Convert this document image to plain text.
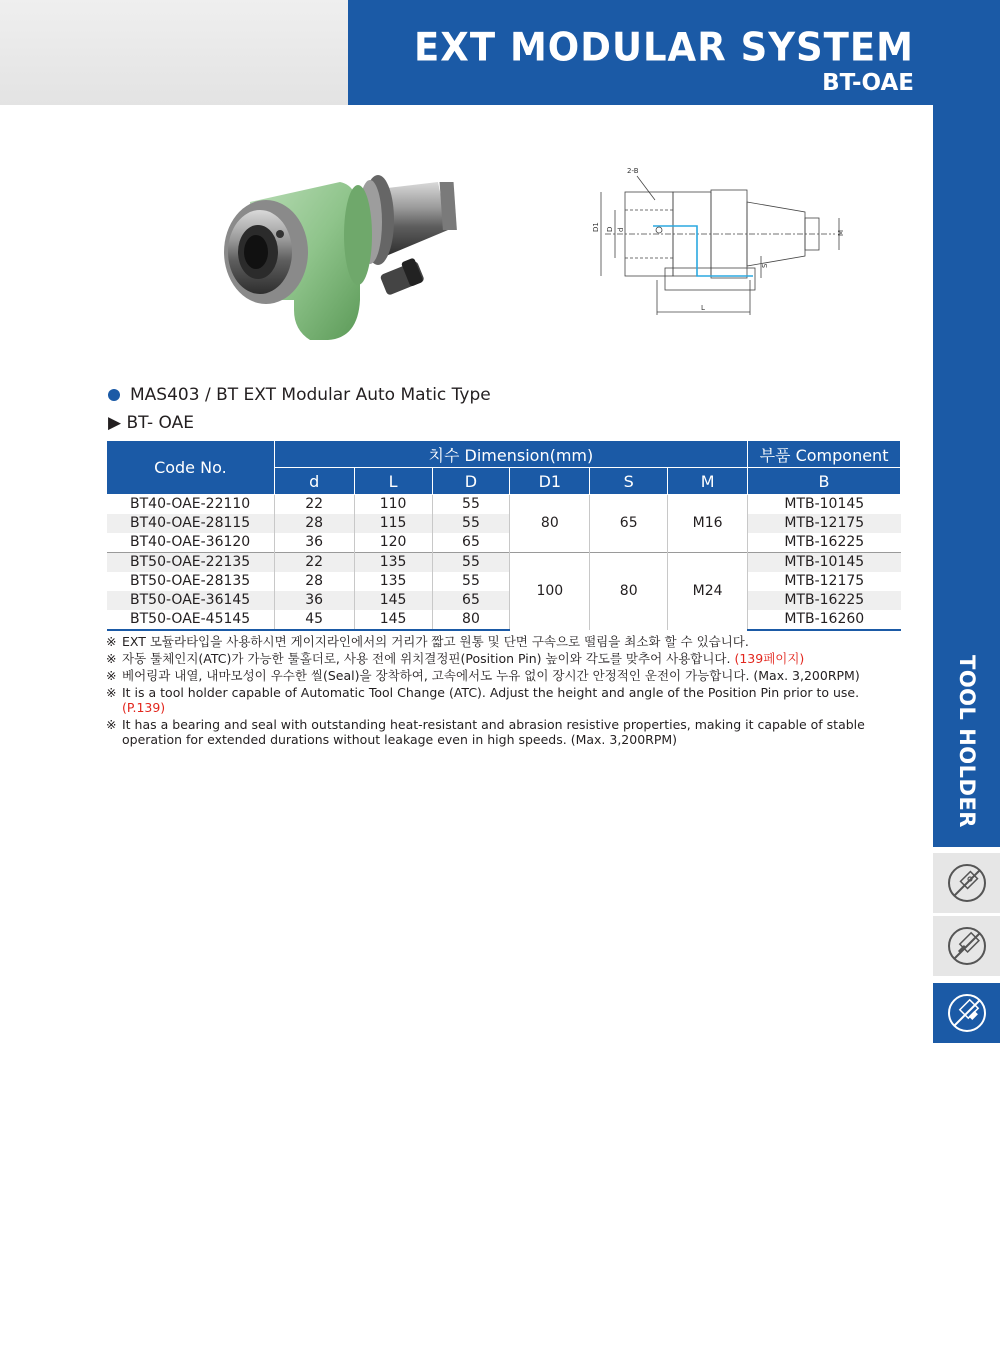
EXT MODULAR SYSTEM
BT-OAE
TOOL HOLDER
2-B
D1 D d
S
L
M
MAS403 / BT EXT Modular Auto Matic Type
▶ BT- OAE
Code No.	치수 Dimension(mm)						부품 Component
	d	L	D	D1	S	M	B
BT40-OAE-22110	22	110	55	80	65	M16	MTB-10145
BT40-OAE-28115	28	115	55				MTB-12175
BT40-OAE-36120	36	120	65				MTB-16225
BT50-OAE-22135	22	135	55	100	80	M24	MTB-10145
BT50-OAE-28135	28	135	55				MTB-12175
BT50-OAE-36145	36	145	65				MTB-16225
BT50-OAE-45145	45	145	80				MTB-16260
※ EXT 모듈라타입을 사용하시면 게이지라인에서의 거리가 짧고 원통 및 단면 구속으로 떨림을 최소화 할 수 있습니다.
※ 자동 툴체인지(ATC)가 가능한 툴홀더로, 사용 전에 위치결정핀(Position Pin) 높이와 각도를 맞추어 사용합니다. (139페이지)
※ 베어링과 내열, 내마모성이 우수한 씰(Seal)을 장착하여, 고속에서도 누유 없이 장시간 안정적인 운전이 가능합니다. (Max. 3,200RPM)
※ It is a tool holder capable of Automatic Tool Change (ATC). Adjust the height and angle of the Position Pin prior to use.
(P.139)
※ It has a bearing and seal with outstanding heat-resistant and abrasion resistive properties, making it capable of stable operation for extended durations without leakage even in high speeds. (Max. 3,200RPM)
